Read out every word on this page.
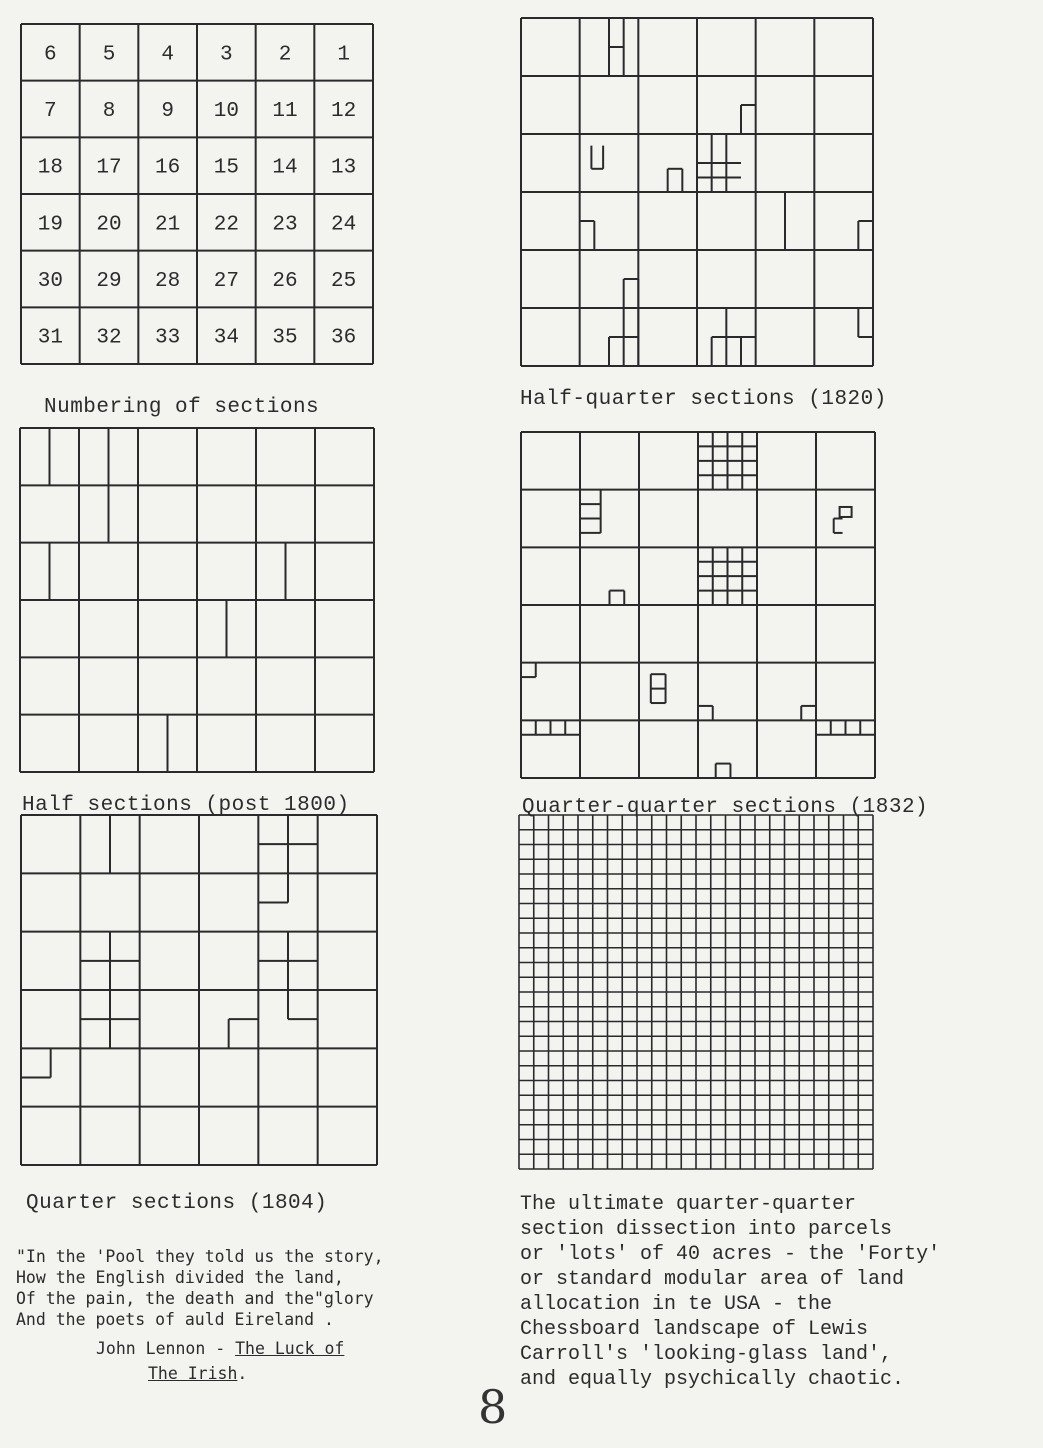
6 5 4 3 2 1
7 8 9 10 11 12
18 17 16 15 14 13
19 20 21 22 23 24
30 29 28 27 26 25
31 32 33 34 35 36
Numbering of sections	Half-quarter sections (1820)
Half sections (post 1800)	Quarter-quarter sections (1832)
Quarter sections (1804)	The ultimate quarter-quarter
section dissection into parcels
or 'lots' of 40 acres - the 'Forty'
or standard modular area of land
allocation in te USA - the
Chessboard landscape of Lewis
Carroll's 'looking-glass land',
and equally psychically chaotic.
"In the 'Pool they told us the story,
How the English divided the land,
Of the pain, the death and the"glory
And the poets of auld Eireland .
John Lennon - The Luck of
The Irish.
8
